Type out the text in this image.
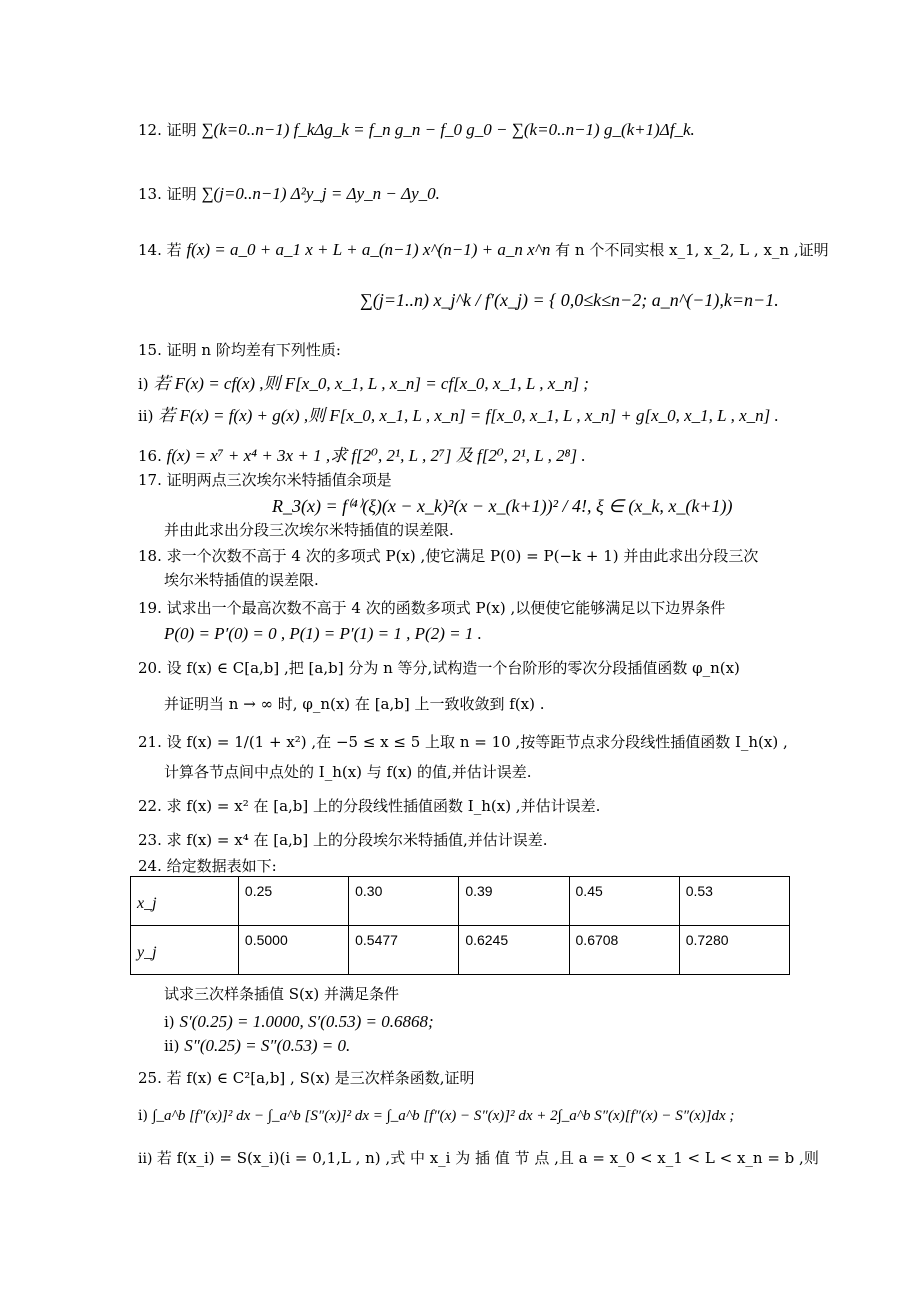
12. 证明 ∑(k=0..n−1) f_kΔg_k = f_n g_n − f_0 g_0 − ∑(k=0..n−1) g_(k+1)Δf_k.
13. 证明 ∑(j=0..n−1) Δ²y_j = Δy_n − Δy_0.
14. 若 f(x) = a_0 + a_1 x + L + a_(n−1) x^(n−1) + a_n x^n 有 n 个不同实根 x_1, x_2, L , x_n ,证明
∑(j=1..n) x_j^k / f′(x_j) = { 0,0≤k≤n−2; a_n^(−1),k=n−1.
15. 证明 n 阶均差有下列性质:
i) 若 F(x) = cf(x) ,则 F[x_0, x_1, L , x_n] = cf[x_0, x_1, L , x_n] ;
ii) 若 F(x) = f(x) + g(x) ,则 F[x_0, x_1, L , x_n] = f[x_0, x_1, L , x_n] + g[x_0, x_1, L , x_n] .
16. f(x) = x⁷ + x⁴ + 3x + 1 ,求 f[2⁰, 2¹, L , 2⁷] 及 f[2⁰, 2¹, L , 2⁸] .
17. 证明两点三次埃尔米特插值余项是
R_3(x) = f⁽⁴⁾(ξ)(x − x_k)²(x − x_(k+1))² / 4!, ξ ∈ (x_k, x_(k+1))
并由此求出分段三次埃尔米特插值的误差限.
18. 求一个次数不高于 4 次的多项式 P(x) ,使它满足 P(0) = P(−k + 1) 并由此求出分段三次
埃尔米特插值的误差限.
19. 试求出一个最高次数不高于 4 次的函数多项式 P(x) ,以便使它能够满足以下边界条件
P(0) = P′(0) = 0 , P(1) = P′(1) = 1 , P(2) = 1 .
20. 设 f(x) ∈ C[a,b] ,把 [a,b] 分为 n 等分,试构造一个台阶形的零次分段插值函数 φ_n(x)
并证明当 n → ∞ 时, φ_n(x) 在 [a,b] 上一致收敛到 f(x) .
21. 设 f(x) = 1/(1 + x²) ,在 −5 ≤ x ≤ 5 上取 n = 10 ,按等距节点求分段线性插值函数 I_h(x) ,
计算各节点间中点处的 I_h(x) 与 f(x) 的值,并估计误差.
22. 求 f(x) = x² 在 [a,b] 上的分段线性插值函数 I_h(x) ,并估计误差.
23. 求 f(x) = x⁴ 在 [a,b] 上的分段埃尔米特插值,并估计误差.
24. 给定数据表如下:
x_j	0.25	0.30	0.39	0.45	0.53
y_j	0.5000	0.5477	0.6245	0.6708	0.7280
试求三次样条插值 S(x) 并满足条件
i) S′(0.25) = 1.0000, S′(0.53) = 0.6868;
ii) S″(0.25) = S″(0.53) = 0.
25. 若 f(x) ∈ C²[a,b] , S(x) 是三次样条函数,证明
i) ∫_a^b [f″(x)]² dx − ∫_a^b [S″(x)]² dx = ∫_a^b [f″(x) − S″(x)]² dx + 2∫_a^b S″(x)[f″(x) − S″(x)]dx ;
ii) 若 f(x_i) = S(x_i)(i = 0,1,L , n) ,式 中 x_i 为 插 值 节 点 ,且 a = x_0 < x_1 < L < x_n = b ,则
